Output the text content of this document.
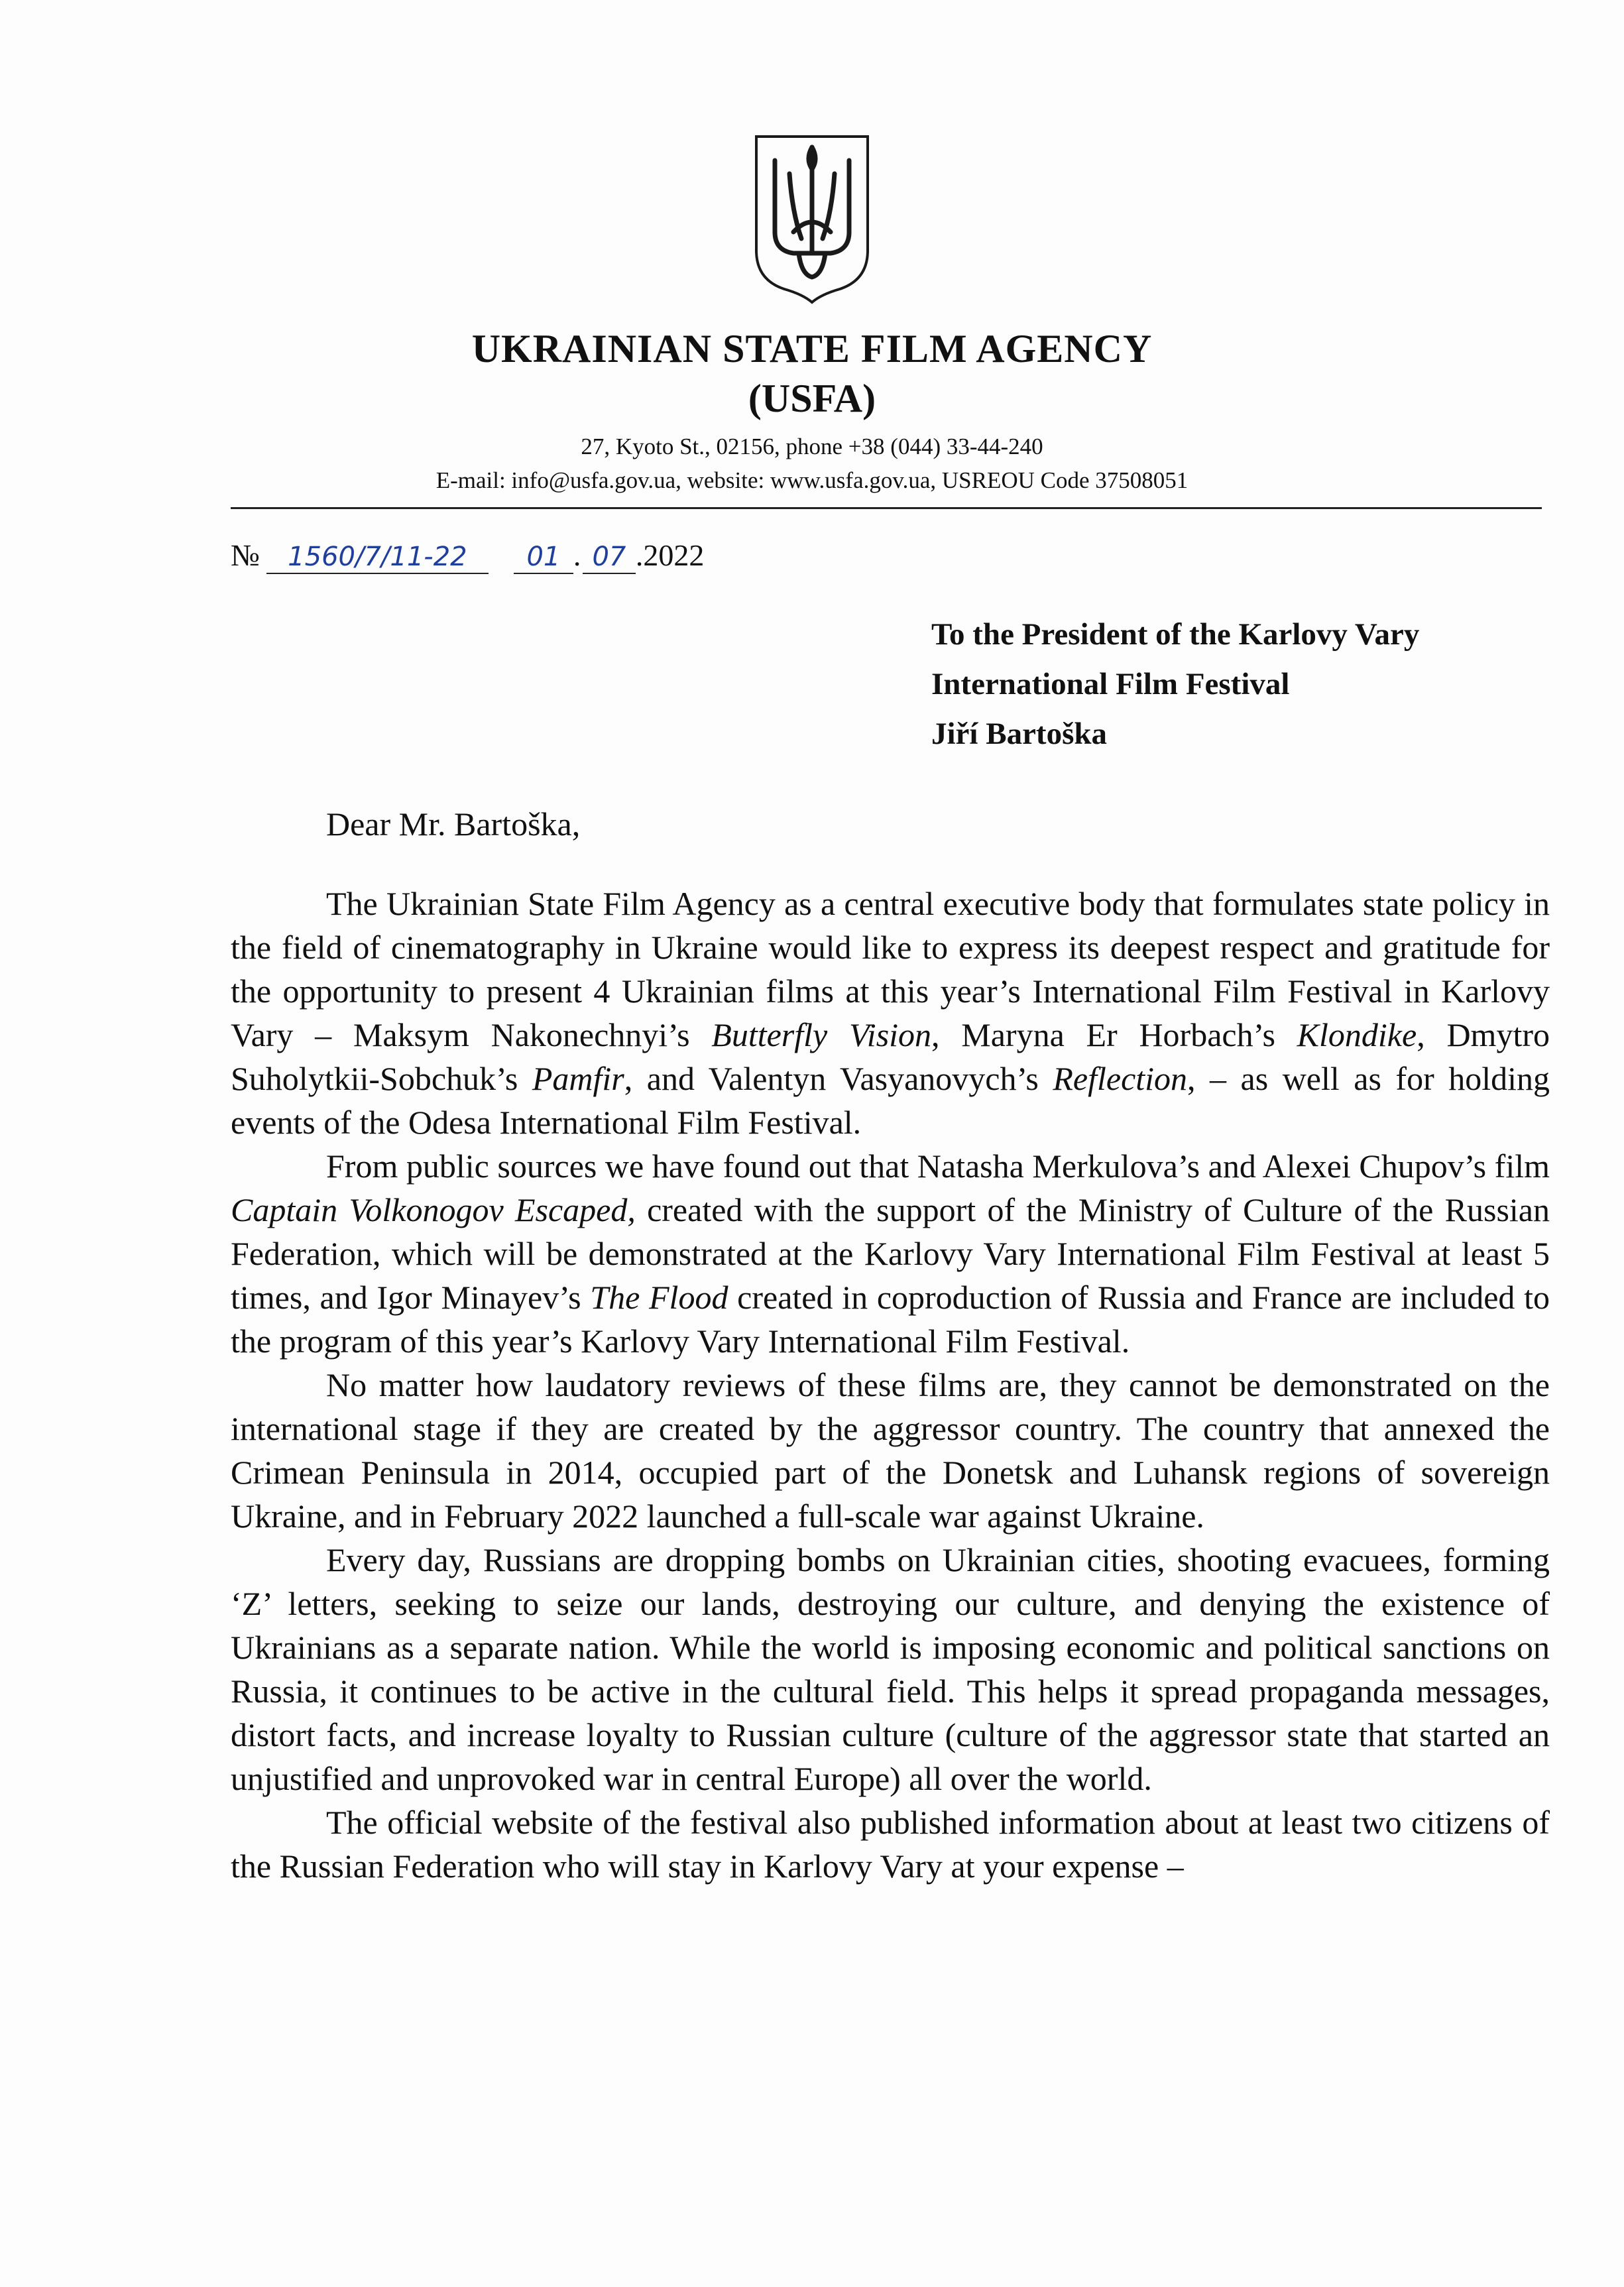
UKRAINIAN STATE FILM AGENCY
(USFA)
27, Kyoto St., 02156, phone +38 (044) 33-44-240
E-mail: info@usfa.gov.ua, website: www.usfa.gov.ua, USREOU Code 37508051
№ 1560/7/11-22 01 . 07 .2022
To the President of the Karlovy Vary
International Film Festival
Jiří Bartoška
Dear Mr. Bartoška,

The Ukrainian State Film Agency as a central executive body that formulates state policy in the field of cinematography in Ukraine would like to express its deepest respect and gratitude for the opportunity to present 4 Ukrainian films at this year’s International Film Festival in Karlovy Vary – Maksym Nakonechnyi’s Butterfly Vision, Maryna Er Horbach’s Klondike, Dmytro Suholytkii-Sobchuk’s Pamfir, and Valentyn Vasyanovych’s Reflection, – as well as for holding events of the Odesa International Film Festival.

From public sources we have found out that Natasha Merkulova’s and Alexei Chupov’s film Captain Volkonogov Escaped, created with the support of the Ministry of Culture of the Russian Federation, which will be demonstrated at the Karlovy Vary International Film Festival at least 5 times, and Igor Minayev’s The Flood created in coproduction of Russia and France are included to the program of this year’s Karlovy Vary International Film Festival.

No matter how laudatory reviews of these films are, they cannot be demonstrated on the international stage if they are created by the aggressor country. The country that annexed the Crimean Peninsula in 2014, occupied part of the Donetsk and Luhansk regions of sovereign Ukraine, and in February 2022 launched a full-scale war against Ukraine.

Every day, Russians are dropping bombs on Ukrainian cities, shooting evacuees, forming ‘Z’ letters, seeking to seize our lands, destroying our culture, and denying the existence of Ukrainians as a separate nation. While the world is imposing economic and political sanctions on Russia, it continues to be active in the cultural field. This helps it spread propaganda messages, distort facts, and increase loyalty to Russian culture (culture of the aggressor state that started an unjustified and unprovoked war in central Europe) all over the world.

The official website of the festival also published information about at least two citizens of the Russian Federation who will stay in Karlovy Vary at your expense –
